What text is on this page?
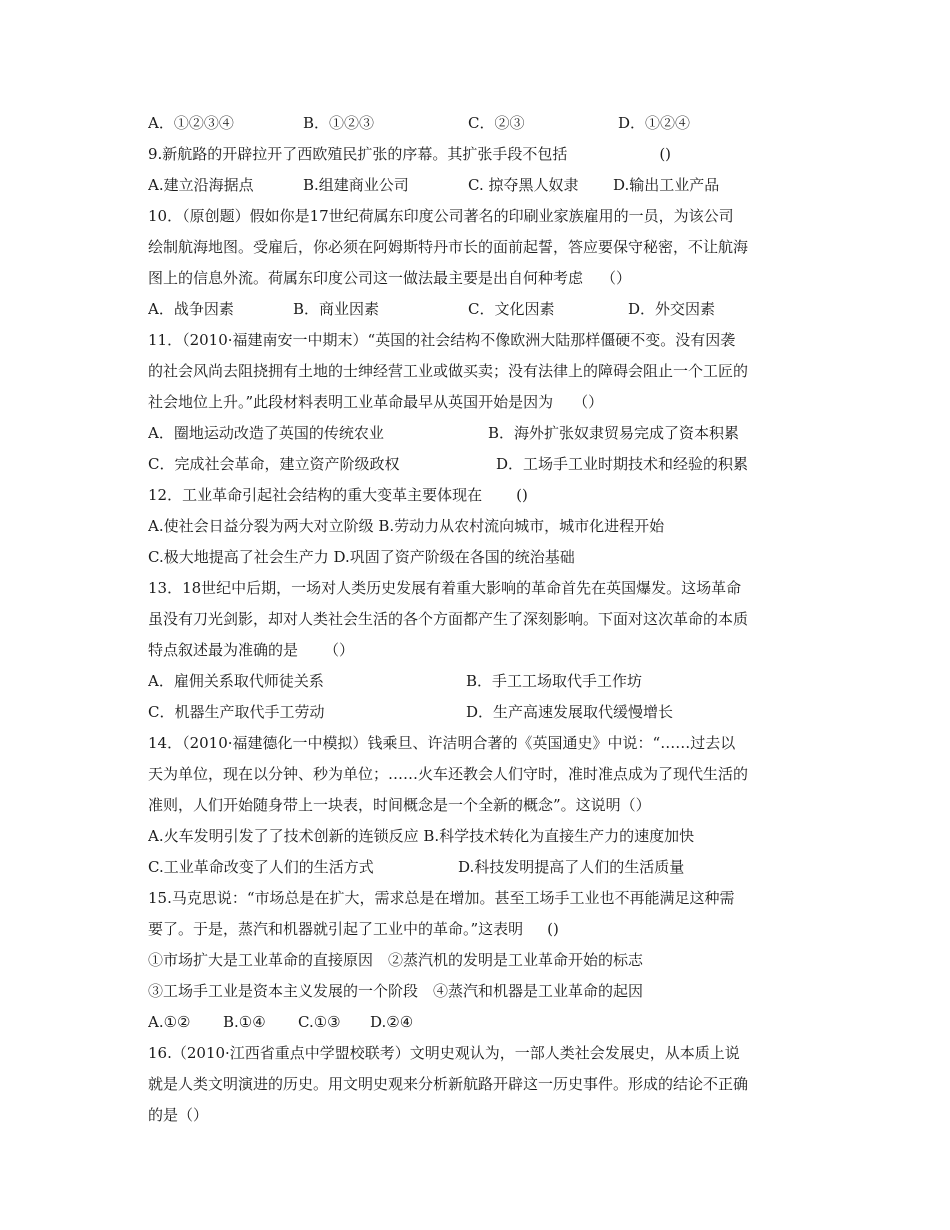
A．①②③④	B．①②③	C．②③	D．①②④
9.新航路的开辟拉开了西欧殖民扩张的序幕。其扩张手段不包括	()
A.建立沿海据点	B.组建商业公司	C. 掠夺黑人奴隶	D.输出工业产品
10．（原创题）假如你是17世纪荷属东印度公司著名的印刷业家族雇用的一员，为该公司
绘制航海地图。受雇后，你必须在阿姆斯特丹市长的面前起誓，答应要保守秘密，不让航海
图上的信息外流。荷属东印度公司这一做法最主要是出自何种考虑 （）
A．战争因素	B．商业因素	C．文化因素	D．外交因素
11．（2010·福建南安一中期末）“英国的社会结构不像欧洲大陆那样僵硬不变。没有因袭
的社会风尚去阻挠拥有土地的士绅经营工业或做买卖；没有法律上的障碍会阻止一个工匠的
社会地位上升。”此段材料表明工业革命最早从英国开始是因为 （）
A．圈地运动改造了英国的传统农业	B．海外扩张奴隶贸易完成了资本积累
C．完成社会革命，建立资产阶级政权	D．工场手工业时期技术和经验的积累
12．工业革命引起社会结构的重大变革主要体现在 ()
A.使社会日益分裂为两大对立阶级 B.劳动力从农村流向城市，城市化进程开始
C.极大地提高了社会生产力 D.巩固了资产阶级在各国的统治基础
13．18世纪中后期，一场对人类历史发展有着重大影响的革命首先在英国爆发。这场革命
虽没有刀光剑影，却对人类社会生活的各个方面都产生了深刻影响。下面对这次革命的本质
特点叙述最为准确的是 （）
A．雇佣关系取代师徒关系	B．手工工场取代手工作坊
C．机器生产取代手工劳动	D．生产高速发展取代缓慢增长
14．（2010·福建德化一中模拟）钱乘旦、许洁明合著的《英国通史》中说：“……过去以
天为单位，现在以分钟、秒为单位；……火车还教会人们守时，准时准点成为了现代生活的
准则，人们开始随身带上一块表，时间概念是一个全新的概念”。这说明（）
A.火车发明引发了了技术创新的连锁反应 B.科学技术转化为直接生产力的速度加快
C.工业革命改变了人们的生活方式	D.科技发明提高了人们的生活质量
15.马克思说：“市场总是在扩大，需求总是在增加。甚至工场手工业也不再能满足这种需
要了。于是，蒸汽和机器就引起了工业中的革命。”这表明 ()
①市场扩大是工业革命的直接原因　②蒸汽机的发明是工业革命开始的标志
③工场手工业是资本主义发展的一个阶段　④蒸汽和机器是工业革命的起因
A.①②	B.①④	C.①③	D.②④
16.（2010·江西省重点中学盟校联考）文明史观认为，一部人类社会发展史，从本质上说
就是人类文明演进的历史。用文明史观来分析新航路开辟这一历史事件。形成的结论不正确
的是（）
